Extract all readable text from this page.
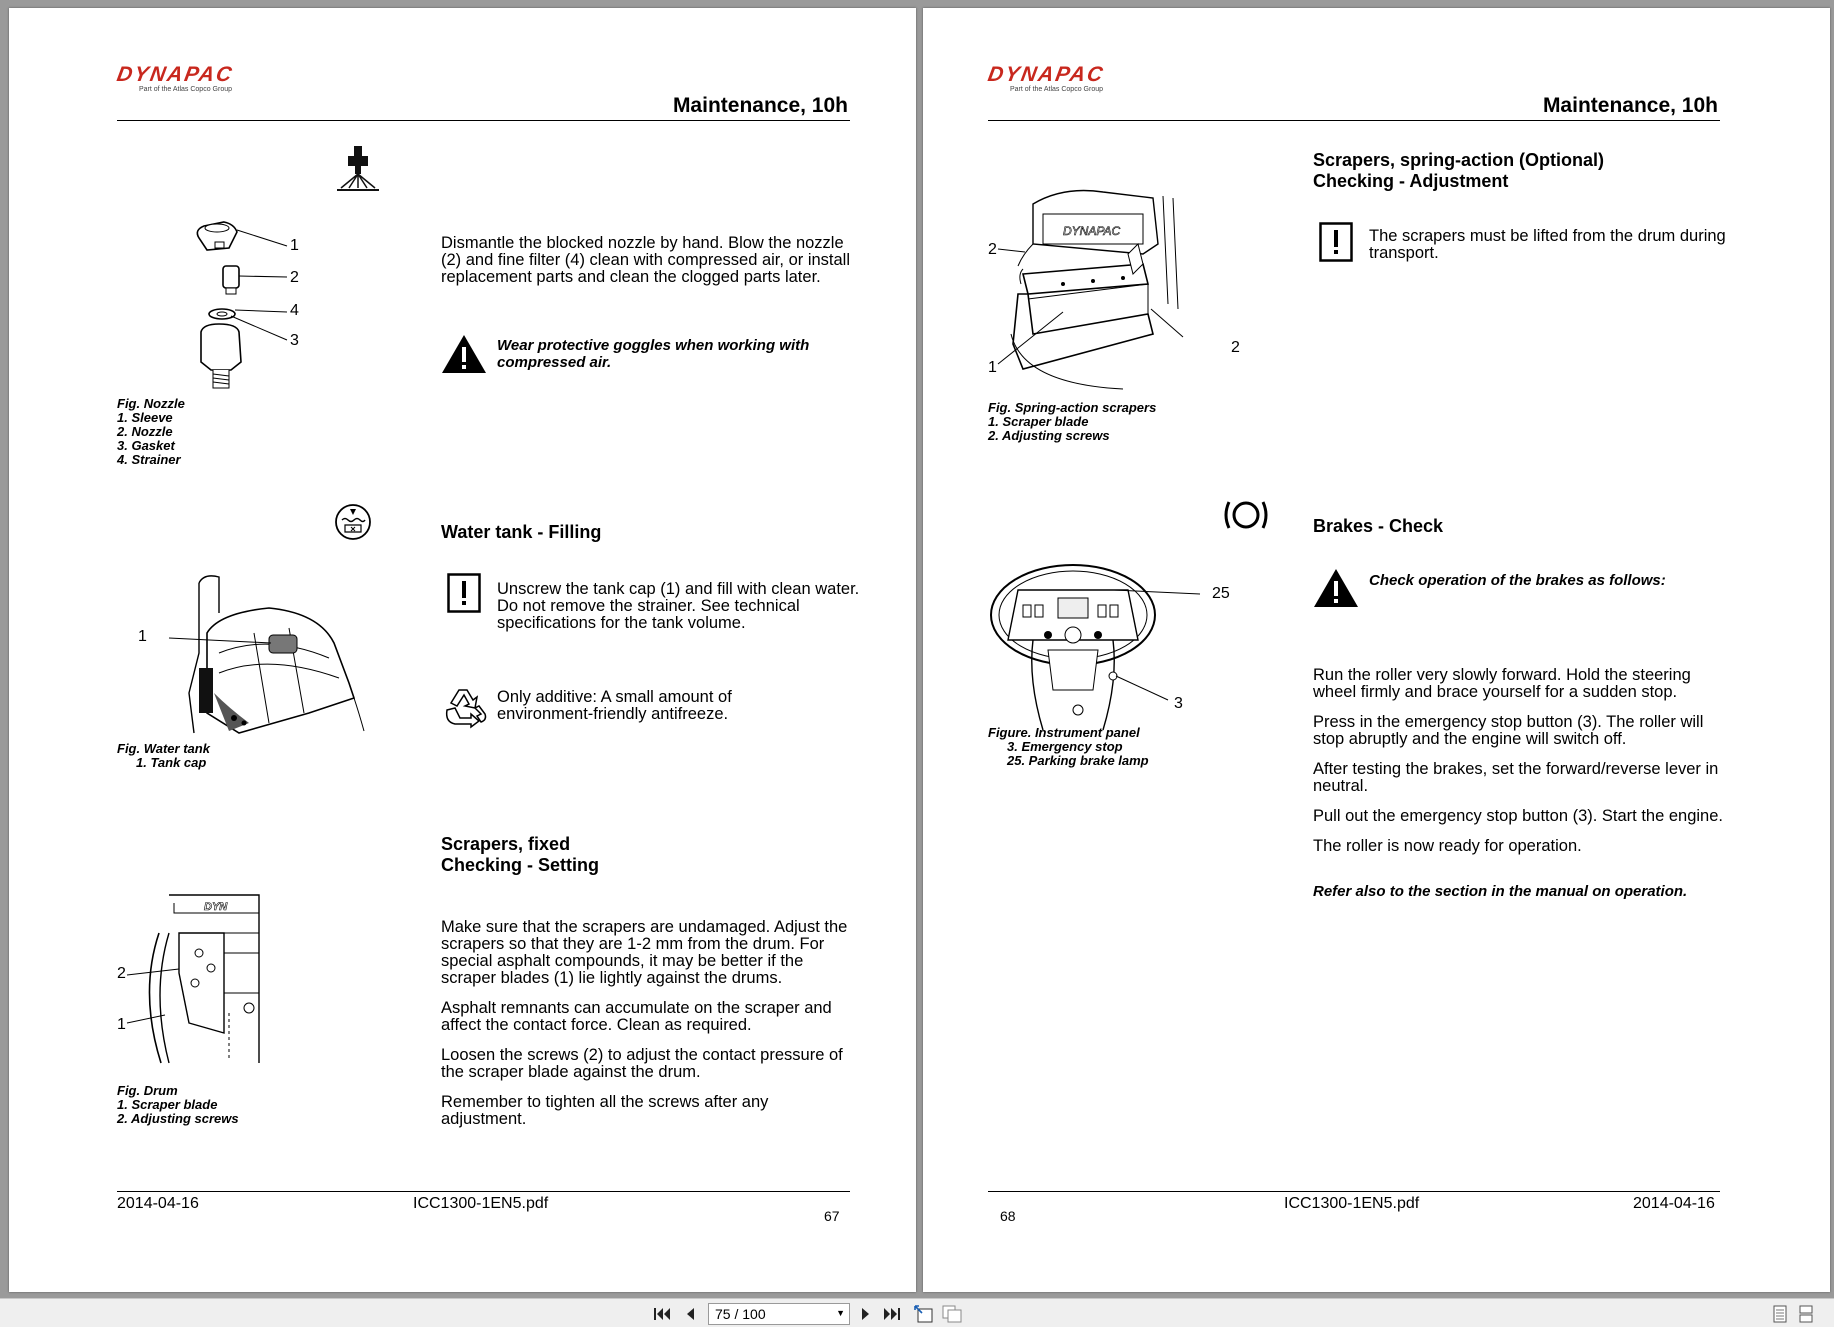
DYNAPAC
Part of the Atlas Copco Group
Maintenance, 10h
1
2
4
3
Fig. Nozzle
1. Sleeve
2. Nozzle
3. Gasket
4. Strainer
Dismantle the blocked nozzle by hand. Blow the nozzle (2) and fine filter (4) clean with compressed air, or install replacement parts and clean the clogged parts later.
Wear protective goggles when working with compressed air.
Water tank - Filling
1
Fig. Water tank
1. Tank cap
Unscrew the tank cap (1) and fill with clean water. Do not remove the strainer. See technical specifications for the tank volume.
Only additive: A small amount of environment-friendly antifreeze.
Scrapers, fixed
Checking - Setting
DYN
2
1
Fig. Drum
1. Scraper blade
2. Adjusting screws

Make sure that the scrapers are undamaged. Adjust the scrapers so that they are 1-2 mm from the drum. For special asphalt compounds, it may be better if the scraper blades (1) lie lightly against the drums.

Asphalt remnants can accumulate on the scraper and affect the contact force. Clean as required.

Loosen the screws (2) to adjust the contact pressure of the scraper blade against the drum.

Remember to tighten all the screws after any adjustment.

2014-04-16	ICC1300-1EN5.pdf
67
DYNAPAC
Part of the Atlas Copco Group
Maintenance, 10h
DYNAPAC
2
2
1
Fig. Spring-action scrapers
1. Scraper blade
2. Adjusting screws
Scrapers, spring-action (Optional)
Checking - Adjustment
The scrapers must be lifted from the drum during transport.
Brakes - Check
25
3
Figure. Instrument panel
3. Emergency stop
25. Parking brake lamp
Check operation of the brakes as follows:

Run the roller very slowly forward. Hold the steering wheel firmly and brace yourself for a sudden stop.

Press in the emergency stop button (3). The roller will stop abruptly and the engine will switch off.

After testing the brakes, set the forward/reverse lever in neutral.

Pull out the emergency stop button (3). Start the engine.

The roller is now ready for operation.

Refer also to the section in the manual on operation.
68
ICC1300-1EN5.pdf	2014-04-16
75 / 100	▼
